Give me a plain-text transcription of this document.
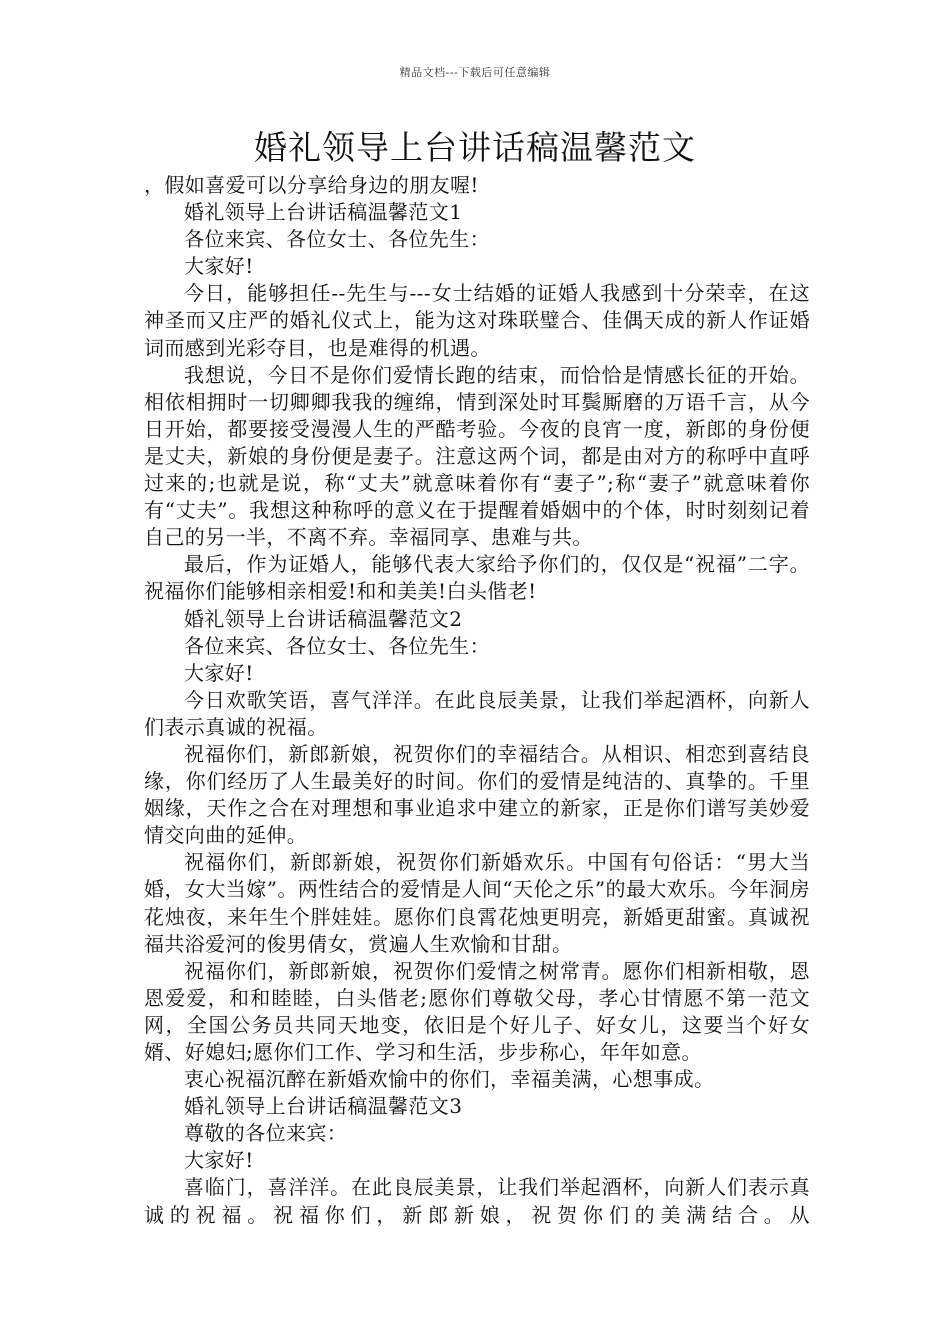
精品文档---下载后可任意编辑
婚礼领导上台讲话稿温馨范文

，假如喜爱可以分享给身边的朋友喔!

婚礼领导上台讲话稿温馨范文1

各位来宾、各位女士、各位先生：

大家好!

今日，能够担任--先生与---女士结婚的证婚人我感到十分荣幸，在这神圣而又庄严的婚礼仪式上，能为这对珠联璧合、佳偶天成的新人作证婚词而感到光彩夺目，也是难得的机遇。

我想说，今日不是你们爱情长跑的结束，而恰恰是情感长征的开始。相依相拥时一切卿卿我我的缠绵，情到深处时耳鬓厮磨的万语千言，从今日开始，都要接受漫漫人生的严酷考验。今夜的良宵一度，新郎的身份便是丈夫，新娘的身份便是妻子。注意这两个词，都是由对方的称呼中直呼过来的;也就是说，称“丈夫”就意味着你有“妻子”;称“妻子”就意味着你有“丈夫”。我想这种称呼的意义在于提醒着婚姻中的个体，时时刻刻记着自己的另一半，不离不弃。幸福同享、患难与共。

最后，作为证婚人，能够代表大家给予你们的，仅仅是“祝福”二字。祝福你们能够相亲相爱!和和美美!白头偕老!

婚礼领导上台讲话稿温馨范文2

各位来宾、各位女士、各位先生：

大家好!

今日欢歌笑语，喜气洋洋。在此良辰美景，让我们举起酒杯，向新人们表示真诚的祝福。

祝福你们，新郎新娘，祝贺你们的幸福结合。从相识、相恋到喜结良缘，你们经历了人生最美好的时间。你们的爱情是纯洁的、真挚的。千里姻缘，天作之合在对理想和事业追求中建立的新家，正是你们谱写美妙爱情交向曲的延伸。

祝福你们，新郎新娘，祝贺你们新婚欢乐。中国有句俗话：“男大当婚，女大当嫁”。两性结合的爱情是人间“天伦之乐”的最大欢乐。今年洞房花烛夜，来年生个胖娃娃。愿你们良霄花烛更明亮，新婚更甜蜜。真诚祝福共浴爱河的俊男倩女，赏遍人生欢愉和甘甜。

祝福你们，新郎新娘，祝贺你们爱情之树常青。愿你们相新相敬，恩恩爱爱，和和睦睦，白头偕老;愿你们尊敬父母，孝心甘情愿不第一范文网，全国公务员共同天地变，依旧是个好儿子、好女儿，这要当个好女婿、好媳妇;愿你们工作、学习和生活，步步称心，年年如意。

衷心祝福沉醉在新婚欢愉中的你们，幸福美满，心想事成。

婚礼领导上台讲话稿温馨范文3

尊敬的各位来宾：

大家好!

喜临门，喜洋洋。在此良辰美景，让我们举起酒杯，向新人们表示真诚的祝福。祝福你们，新郎新娘，祝贺你们的美满结合。从
